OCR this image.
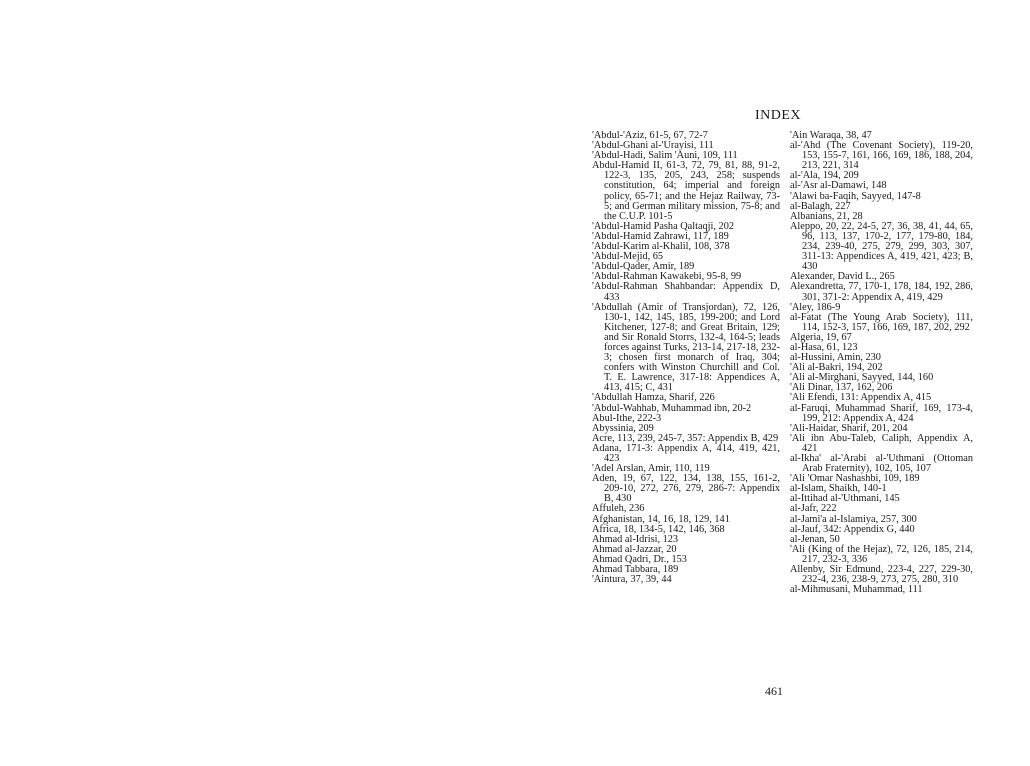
INDEX
'Abdul-'Aziz, 61-5, 67, 72-7
'Abdul-Ghani al-'Urayisi, 111
'Abdul-Hadi, Salim 'Auni, 109, 111
Abdul-Hamid II, 61-3, 72, 79, 81, 88, 91-2, 122-3, 135, 205, 243, 258; suspends constitution, 64; imperial and foreign policy, 65-71; and the Hejaz Railway, 73-5; and German military mission, 75-8; and the C.U.P. 101-5
'Abdul-Hamid Pasha Qaltaqji, 202
'Abdul-Hamid Zahrawi, 117, 189
'Abdul-Karim al-Khalil, 108, 378
'Abdul-Mejid, 65
'Abdul-Qader, Amir, 189
'Abdul-Rahman Kawakebi, 95-8, 99
'Abdul-Rahman Shahbandar: Appendix D, 433
'Abdullah (Amir of Transjordan), 72, 126, 130-1, 142, 145, 185, 199-200; and Lord Kitchener, 127-8; and Great Britain, 129; and Sir Ronald Storrs, 132-4, 164-5; leads forces against Turks, 213-14, 217-18, 232-3; chosen first monarch of Iraq, 304; confers with Winston Churchill and Col. T. E. Lawrence, 317-18: Appendices A, 413, 415; C, 431
'Abdullah Hamza, Sharif, 226
'Abdul-Wahhab, Muhammad ibn, 20-2
Abul-Ithe, 222-3
Abyssinia, 209
Acre, 113, 239, 245-7, 357: Appendix B, 429
Adana, 171-3: Appendix A, 414, 419, 421, 423
'Adel Arslan, Amir, 110, 119
Aden, 19, 67, 122, 134, 138, 155, 161-2, 209-10, 272, 276, 279, 286-7: Appendix B, 430
Affuleh, 236
Afghanistan, 14, 16, 18, 129, 141
Africa, 18, 134-5, 142, 146, 368
Ahmad al-Idrisi, 123
Ahmad al-Jazzar, 20
Ahmad Qadri, Dr., 153
Ahmad Tabbara, 189
'Aintura, 37, 39, 44
'Ain Waraqa, 38, 47
al-'Ahd (The Covenant Society), 119-20, 153, 155-7, 161, 166, 169, 186, 188, 204, 213, 221, 314
al-'Ala, 194, 209
al-'Asr al-Damawi, 148
'Alawi ba-Faqih, Sayyed, 147-8
al-Balagh, 227
Albanians, 21, 28
Aleppo, 20, 22, 24-5, 27, 36, 38, 41, 44, 65, 96, 113, 137, 170-2, 177, 179-80, 184, 234, 239-40, 275, 279, 299, 303, 307, 311-13: Appendices A, 419, 421, 423; B, 430
Alexander, David L., 265
Alexandretta, 77, 170-1, 178, 184, 192, 286, 301, 371-2: Appendix A, 419, 429
'Aley, 186-9
al-Fatat (The Young Arab Society), 111, 114, 152-3, 157, 166, 169, 187, 202, 292
Algeria, 19, 67
al-Hasa, 61, 123
al-Hussini, Amin, 230
'Ali al-Bakri, 194, 202
'Ali al-Mirghani, Sayyed, 144, 160
'Ali Dinar, 137, 162, 206
'Ali Efendi, 131: Appendix A, 415
al-Faruqi, Muhammad Sharif, 169, 173-4, 199, 212: Appendix A, 424
'Ali-Haidar, Sharif, 201, 204
'Ali ibn Abu-Taleb, Caliph, Appendix A, 421
al-Ikha' al-'Arabi al-'Uthmani (Ottoman Arab Fraternity), 102, 105, 107
'Ali 'Omar Nashashbi, 109, 189
al-Islam, Shaikh, 140-1
al-Ittihad al-'Uthmani, 145
al-Jafr, 222
al-Jami'a al-Islamiya, 257, 300
al-Jauf, 342: Appendix G, 440
al-Jenan, 50
'Ali (King of the Hejaz), 72, 126, 185, 214, 217, 232-3, 336
Allenby, Sir Edmund, 223-4, 227, 229-30, 232-4, 236, 238-9, 273, 275, 280, 310
al-Mihmusani, Muhammad, 111
461
